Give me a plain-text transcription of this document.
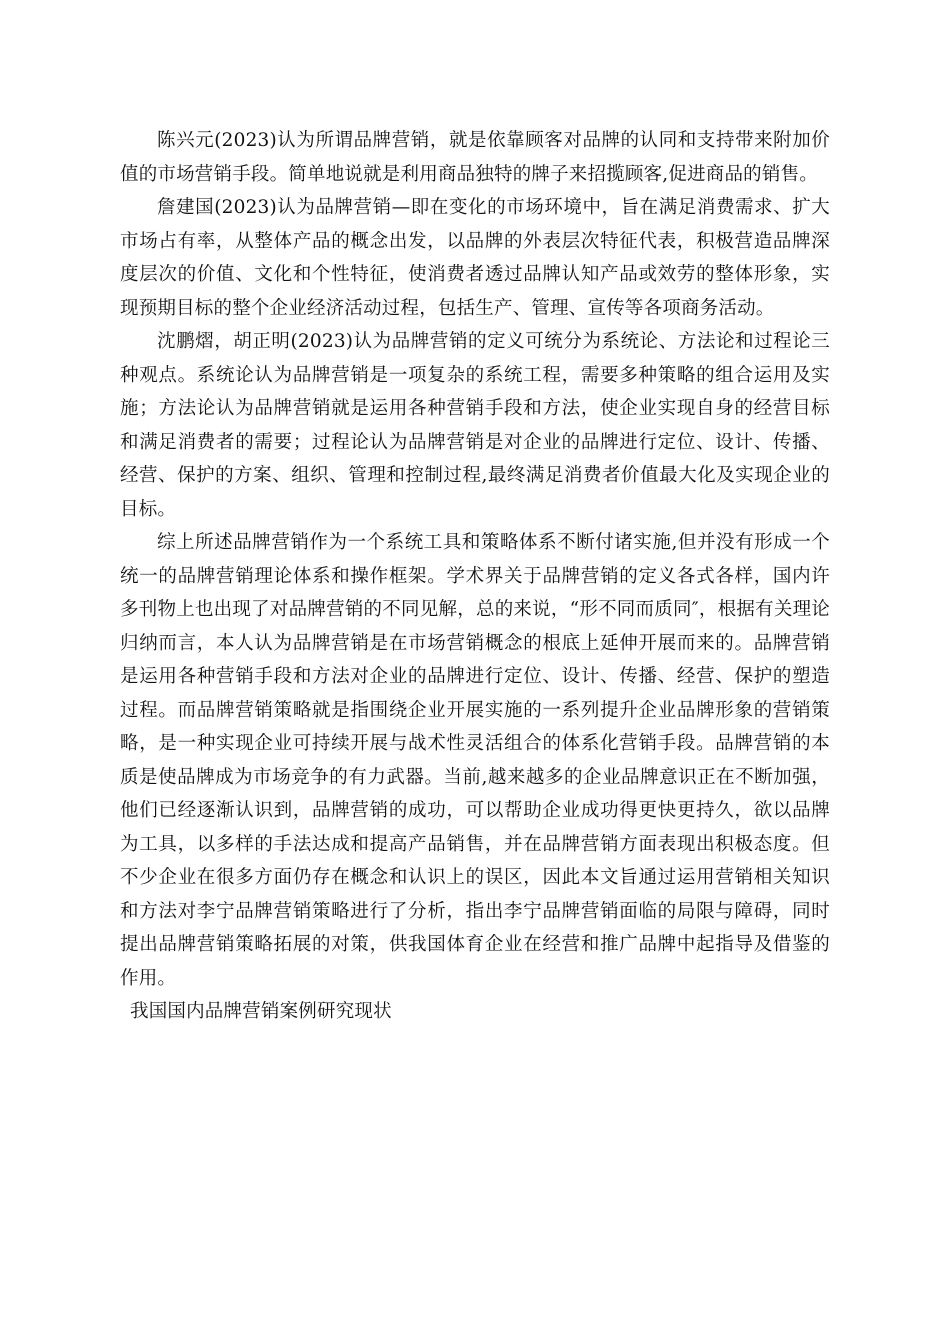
陈兴元(2023)认为所谓品牌营销，就是依靠顾客对品牌的认同和支持带来附加价值的市场营销手段。简单地说就是利用商品独特的牌子来招揽顾客,促进商品的销售。

詹建国(2023)认为品牌营销—即在变化的市场环境中，旨在满足消费需求、扩大市场占有率，从整体产品的概念出发，以品牌的外表层次特征代表，积极营造品牌深度层次的价值、文化和个性特征，使消费者透过品牌认知产品或效劳的整体形象，实现预期目标的整个企业经济活动过程，包括生产、管理、宣传等各项商务活动。

沈鹏熠，胡正明(2023)认为品牌营销的定义可统分为系统论、方法论和过程论三种观点。系统论认为品牌营销是一项复杂的系统工程，需要多种策略的组合运用及实施；方法论认为品牌营销就是运用各种营销手段和方法，使企业实现自身的经营目标和满足消费者的需要；过程论认为品牌营销是对企业的品牌进行定位、设计、传播、经营、保护的方案、组织、管理和控制过程,最终满足消费者价值最大化及实现企业的目标。

综上所述品牌营销作为一个系统工具和策略体系不断付诸实施,但并没有形成一个统一的品牌营销理论体系和操作框架。学术界关于品牌营销的定义各式各样，国内许多刊物上也出现了对品牌营销的不同见解，总的来说，“形不同而质同″，根据有关理论归纳而言，本人认为品牌营销是在市场营销概念的根底上延伸开展而来的。品牌营销是运用各种营销手段和方法对企业的品牌进行定位、设计、传播、经营、保护的塑造过程。而品牌营销策略就是指围绕企业开展实施的一系列提升企业品牌形象的营销策略，是一种实现企业可持续开展与战术性灵活组合的体系化营销手段。品牌营销的本质是使品牌成为市场竞争的有力武器。当前,越来越多的企业品牌意识正在不断加强，他们已经逐渐认识到，品牌营销的成功，可以帮助企业成功得更快更持久，欲以品牌为工具，以多样的手法达成和提高产品销售，并在品牌营销方面表现出积极态度。但不少企业在很多方面仍存在概念和认识上的误区，因此本文旨通过运用营销相关知识和方法对李宁品牌营销策略进行了分析，指出李宁品牌营销面临的局限与障碍，同时提出品牌营销策略拓展的对策，供我国体育企业在经营和推广品牌中起指导及借鉴的作用。

我国国内品牌营销案例研究现状
